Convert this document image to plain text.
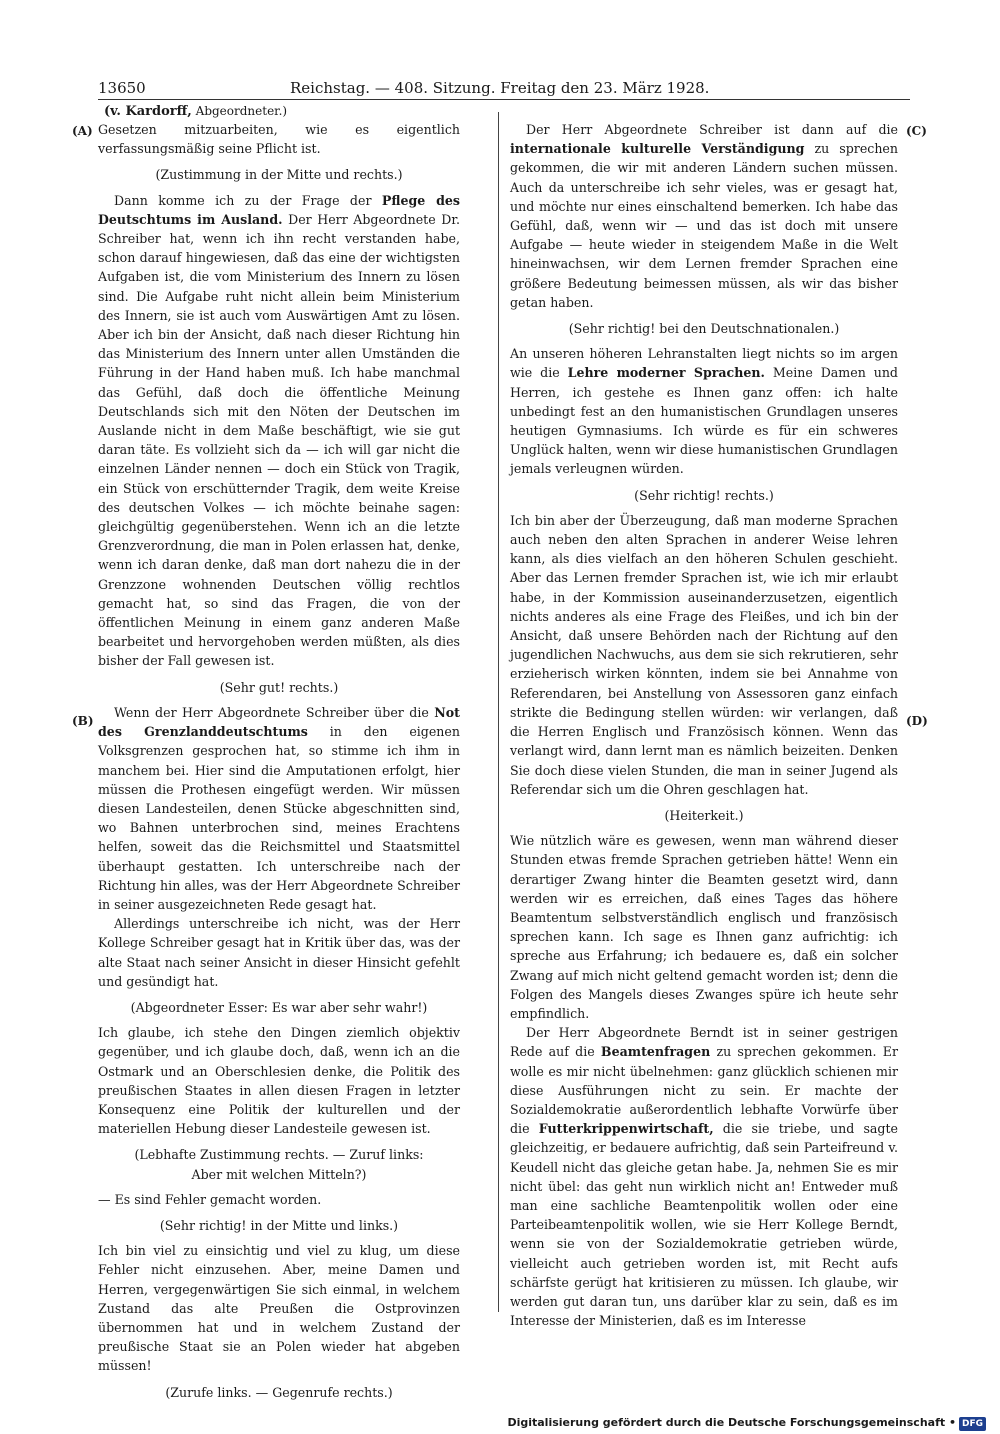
13650	Reichstag. — 408. Sitzung. Freitag den 23. März 1928.
(v. Kardorff, Abgeordneter.)
(A)
(B)
(C)
(D)

Gesetzen mitzuarbeiten, wie es eigentlich verfassungsmäßig seine Pflicht ist.

(Zustimmung in der Mitte und rechts.)

Dann komme ich zu der Frage der Pflege des Deutschtums im Ausland. Der Herr Abgeordnete Dr. Schreiber hat, wenn ich ihn recht verstanden habe, schon darauf hingewiesen, daß das eine der wichtigsten Aufgaben ist, die vom Ministerium des Innern zu lösen sind. Die Aufgabe ruht nicht allein beim Ministerium des Innern, sie ist auch vom Auswärtigen Amt zu lösen. Aber ich bin der Ansicht, daß nach dieser Richtung hin das Ministerium des Innern unter allen Umständen die Führung in der Hand haben muß. Ich habe manchmal das Gefühl, daß doch die öffentliche Meinung Deutschlands sich mit den Nöten der Deutschen im Auslande nicht in dem Maße beschäftigt, wie sie gut daran täte. Es vollzieht sich da — ich will gar nicht die einzelnen Länder nennen — doch ein Stück von Tragik, ein Stück von erschütternder Tragik, dem weite Kreise des deutschen Volkes — ich möchte beinahe sagen: gleichgültig gegenüberstehen. Wenn ich an die letzte Grenzverordnung, die man in Polen erlassen hat, denke, wenn ich daran denke, daß man dort nahezu die in der Grenzzone wohnenden Deutschen völlig rechtlos gemacht hat, so sind das Fragen, die von der öffentlichen Meinung in einem ganz anderen Maße bearbeitet und hervorgehoben werden müßten, als dies bisher der Fall gewesen ist.

(Sehr gut! rechts.)

Wenn der Herr Abgeordnete Schreiber über die Not des Grenzlanddeutschtums in den eigenen Volksgrenzen gesprochen hat, so stimme ich ihm in manchem bei. Hier sind die Amputationen erfolgt, hier müssen die Prothesen eingefügt werden. Wir müssen diesen Landesteilen, denen Stücke abgeschnitten sind, wo Bahnen unterbrochen sind, meines Erachtens helfen, soweit das die Reichsmittel und Staatsmittel überhaupt gestatten. Ich unterschreibe nach der Richtung hin alles, was der Herr Abgeordnete Schreiber in seiner ausgezeichneten Rede gesagt hat.

Allerdings unterschreibe ich nicht, was der Herr Kollege Schreiber gesagt hat in Kritik über das, was der alte Staat nach seiner Ansicht in dieser Hinsicht gefehlt und gesündigt hat.

(Abgeordneter Esser: Es war aber sehr wahr!)

Ich glaube, ich stehe den Dingen ziemlich objektiv gegenüber, und ich glaube doch, daß, wenn ich an die Ostmark und an Oberschlesien denke, die Politik des preußischen Staates in allen diesen Fragen in letzter Konsequenz eine Politik der kulturellen und der materiellen Hebung dieser Landesteile gewesen ist.

(Lebhafte Zustimmung rechts. — Zuruf links:

Aber mit welchen Mitteln?)

— Es sind Fehler gemacht worden.

(Sehr richtig! in der Mitte und links.)

Ich bin viel zu einsichtig und viel zu klug, um diese Fehler nicht einzusehen. Aber, meine Damen und Herren, vergegenwärtigen Sie sich einmal, in welchem Zustand das alte Preußen die Ostprovinzen übernommen hat und in welchem Zustand der preußische Staat sie an Polen wieder hat abgeben müssen!

(Zurufe links. — Gegenrufe rechts.)

Der Herr Abgeordnete Schreiber ist dann auf die internationale kulturelle Verständigung zu sprechen gekommen, die wir mit anderen Ländern suchen müssen. Auch da unterschreibe ich sehr vieles, was er gesagt hat, und möchte nur eines einschaltend bemerken. Ich habe das Gefühl, daß, wenn wir — und das ist doch mit unsere Aufgabe — heute wieder in steigendem Maße in die Welt hineinwachsen, wir dem Lernen fremder Sprachen eine größere Bedeutung beimessen müssen, als wir das bisher getan haben.

(Sehr richtig! bei den Deutschnationalen.)

An unseren höheren Lehranstalten liegt nichts so im argen wie die Lehre moderner Sprachen. Meine Damen und Herren, ich gestehe es Ihnen ganz offen: ich halte unbedingt fest an den humanistischen Grundlagen unseres heutigen Gymnasiums. Ich würde es für ein schweres Unglück halten, wenn wir diese humanistischen Grundlagen jemals verleugnen würden.

(Sehr richtig! rechts.)

Ich bin aber der Überzeugung, daß man moderne Sprachen auch neben den alten Sprachen in anderer Weise lehren kann, als dies vielfach an den höheren Schulen geschieht. Aber das Lernen fremder Sprachen ist, wie ich mir erlaubt habe, in der Kommission auseinanderzusetzen, eigentlich nichts anderes als eine Frage des Fleißes, und ich bin der Ansicht, daß unsere Behörden nach der Richtung auf den jugendlichen Nachwuchs, aus dem sie sich rekrutieren, sehr erzieherisch wirken könnten, indem sie bei Annahme von Referendaren, bei Anstellung von Assessoren ganz einfach strikte die Bedingung stellen würden: wir verlangen, daß die Herren Englisch und Französisch können. Wenn das verlangt wird, dann lernt man es nämlich beizeiten. Denken Sie doch diese vielen Stunden, die man in seiner Jugend als Referendar sich um die Ohren geschlagen hat.

(Heiterkeit.)

Wie nützlich wäre es gewesen, wenn man während dieser Stunden etwas fremde Sprachen getrieben hätte! Wenn ein derartiger Zwang hinter die Beamten gesetzt wird, dann werden wir es erreichen, daß eines Tages das höhere Beamtentum selbstverständlich englisch und französisch sprechen kann. Ich sage es Ihnen ganz aufrichtig: ich spreche aus Erfahrung; ich bedauere es, daß ein solcher Zwang auf mich nicht geltend gemacht worden ist; denn die Folgen des Mangels dieses Zwanges spüre ich heute sehr empfindlich.

Der Herr Abgeordnete Berndt ist in seiner gestrigen Rede auf die Beamtenfragen zu sprechen gekommen. Er wolle es mir nicht übelnehmen: ganz glücklich schienen mir diese Ausführungen nicht zu sein. Er machte der Sozialdemokratie außerordentlich lebhafte Vorwürfe über die Futterkrippenwirtschaft, die sie triebe, und sagte gleichzeitig, er bedauere aufrichtig, daß sein Parteifreund v. Keudell nicht das gleiche getan habe. Ja, nehmen Sie es mir nicht übel: das geht nun wirklich nicht an! Entweder muß man eine sachliche Beamtenpolitik wollen oder eine Parteibeamtenpolitik wollen, wie sie Herr Kollege Berndt, wenn sie von der Sozialdemokratie getrieben würde, vielleicht auch getrieben worden ist, mit Recht aufs schärfste gerügt hat kritisieren zu müssen. Ich glaube, wir werden gut daran tun, uns darüber klar zu sein, daß es im Interesse der Ministerien, daß es im Interesse

Digitalisierung gefördert durch die Deutsche Forschungsgemeinschaft • DFG
